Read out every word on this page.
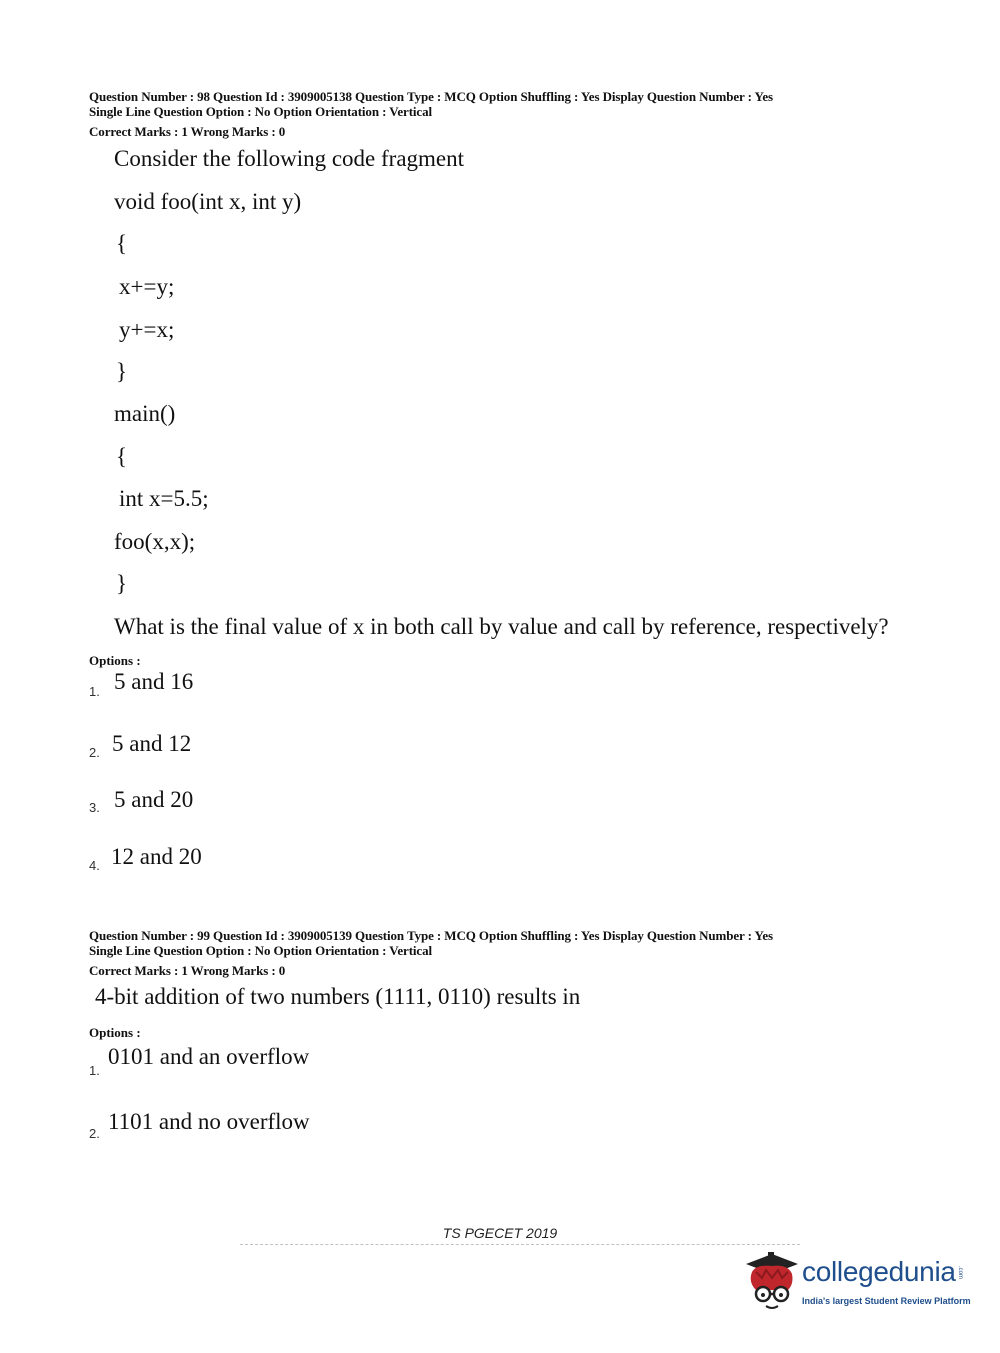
Question Number : 98 Question Id : 3909005138 Question Type : MCQ Option Shuffling : Yes Display Question Number : Yes
Single Line Question Option : No Option Orientation : Vertical
Correct Marks : 1 Wrong Marks : 0
Consider the following code fragment
void foo(int x, int y)
{
x+=y;
y+=x;
}
main()
{
int x=5.5;
foo(x,x);
}
What is the final value of x in both call by value and call by reference, respectively?
Options :
1. 5 and 16
2. 5 and 12
3. 5 and 20
4. 12 and 20
Question Number : 99 Question Id : 3909005139 Question Type : MCQ Option Shuffling : Yes Display Question Number : Yes
Single Line Question Option : No Option Orientation : Vertical
Correct Marks : 1 Wrong Marks : 0
4-bit addition of two numbers (1111, 0110) results in
Options :
1.
0101 and an overflow
2. 1101 and no overflow
TS PGECET 2019
collegedunia .com
India's largest Student Review Platform
